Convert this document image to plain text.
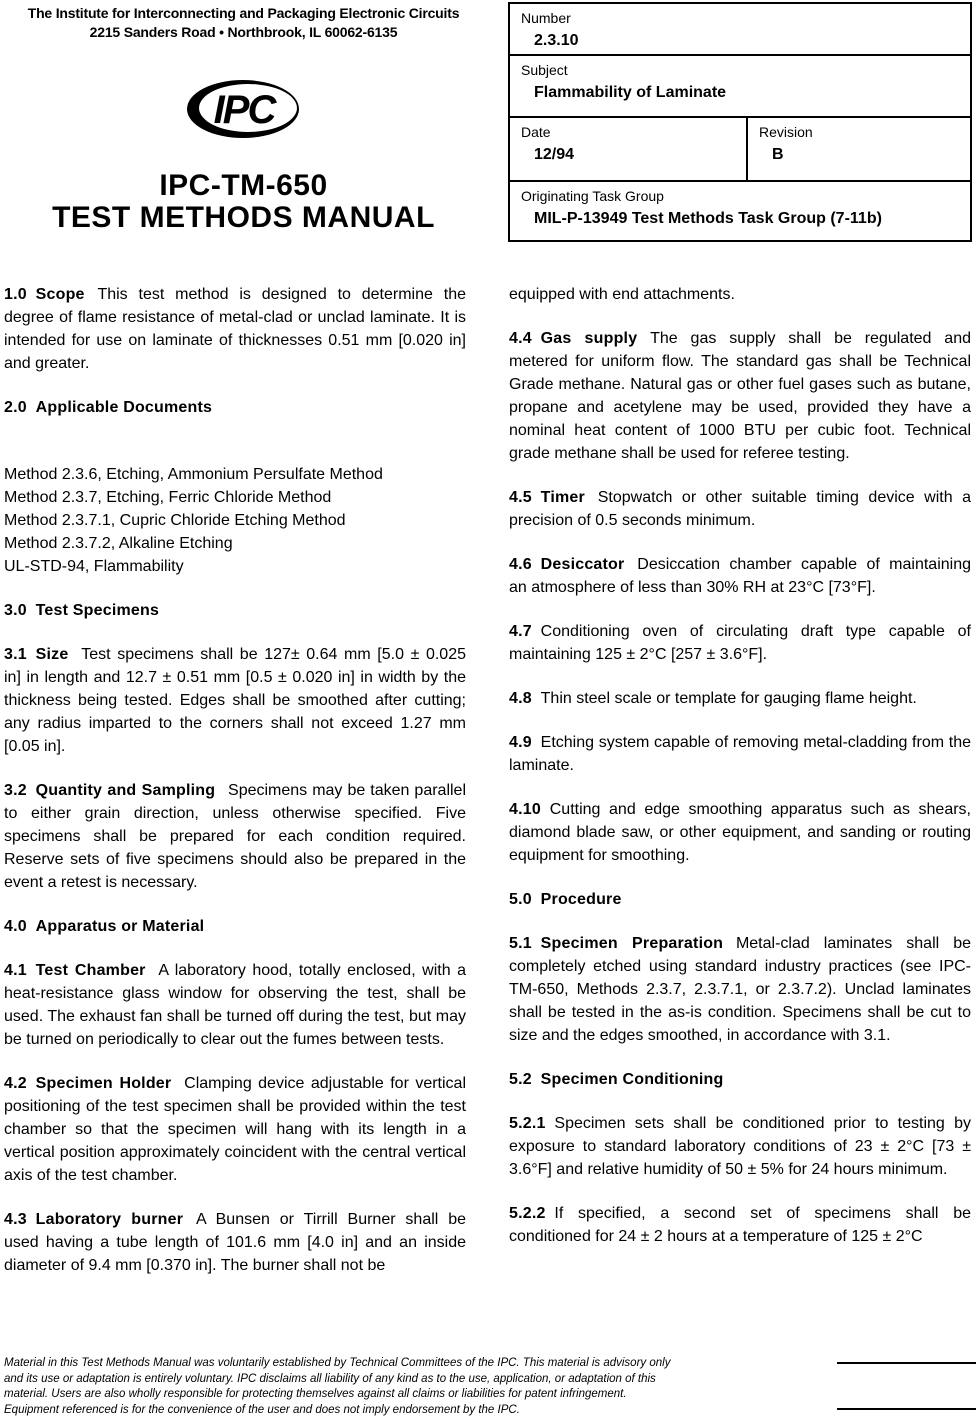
The Institute for Interconnecting and Packaging Electronic Circuits
2215 Sanders Road • Northbrook, IL 60062-6135
IPC
IPC-TM-650
TEST METHODS MANUAL
Number
2.3.10
Subject
Flammability of Laminate
Date
12/94
Revision
B
Originating Task Group
MIL-P-13949 Test Methods Task Group (7-11b)

1.0 Scope This test method is designed to determine the degree of flame resistance of metal-clad or unclad laminate. It is intended for use on laminate of thicknesses 0.51 mm [0.020 in] and greater.

2.0 Applicable Documents

Method 2.3.6, Etching, Ammonium Persulfate Method
Method 2.3.7, Etching, Ferric Chloride Method
Method 2.3.7.1, Cupric Chloride Etching Method
Method 2.3.7.2, Alkaline Etching
UL-STD-94, Flammability

3.0 Test Specimens

3.1 Size Test specimens shall be 127± 0.64 mm [5.0 ± 0.025 in] in length and 12.7 ± 0.51 mm [0.5 ± 0.020 in] in width by the thickness being tested. Edges shall be smoothed after cutting; any radius imparted to the corners shall not exceed 1.27 mm [0.05 in].

3.2 Quantity and Sampling Specimens may be taken parallel to either grain direction, unless otherwise specified. Five specimens shall be prepared for each condition required. Reserve sets of five specimens should also be prepared in the event a retest is necessary.

4.0 Apparatus or Material

4.1 Test Chamber A laboratory hood, totally enclosed, with a heat-resistance glass window for observing the test, shall be used. The exhaust fan shall be turned off during the test, but may be turned on periodically to clear out the fumes between tests.

4.2 Specimen Holder Clamping device adjustable for vertical positioning of the test specimen shall be provided within the test chamber so that the specimen will hang with its length in a vertical position approximately coincident with the central vertical axis of the test chamber.

4.3 Laboratory burner A Bunsen or Tirrill Burner shall be used having a tube length of 101.6 mm [4.0 in] and an inside diameter of 9.4 mm [0.370 in]. The burner shall not be

equipped with end attachments.

4.4 Gas supply The gas supply shall be regulated and metered for uniform flow. The standard gas shall be Technical Grade methane. Natural gas or other fuel gases such as butane, propane and acetylene may be used, provided they have a nominal heat content of 1000 BTU per cubic foot. Technical grade methane shall be used for referee testing.

4.5 Timer Stopwatch or other suitable timing device with a precision of 0.5 seconds minimum.

4.6 Desiccator Desiccation chamber capable of maintaining an atmosphere of less than 30% RH at 23°C [73°F].

4.7 Conditioning oven of circulating draft type capable of maintaining 125 ± 2°C [257 ± 3.6°F].

4.8 Thin steel scale or template for gauging flame height.

4.9 Etching system capable of removing metal-cladding from the laminate.

4.10 Cutting and edge smoothing apparatus such as shears, diamond blade saw, or other equipment, and sanding or routing equipment for smoothing.

5.0 Procedure

5.1 Specimen Preparation Metal-clad laminates shall be completely etched using standard industry practices (see IPC-TM-650, Methods 2.3.7, 2.3.7.1, or 2.3.7.2). Unclad laminates shall be tested in the as-is condition. Specimens shall be cut to size and the edges smoothed, in accordance with 3.1.

5.2 Specimen Conditioning

5.2.1 Specimen sets shall be conditioned prior to testing by exposure to standard laboratory conditions of 23 ± 2°C [73 ± 3.6°F] and relative humidity of 50 ± 5% for 24 hours minimum.

5.2.2 If specified, a second set of specimens shall be conditioned for 24 ± 2 hours at a temperature of 125 ± 2°C

Material in this Test Methods Manual was voluntarily established by Technical Committees of the IPC. This material is advisory only
and its use or adaptation is entirely voluntary. IPC disclaims all liability of any kind as to the use, application, or adaptation of this
material. Users are also wholly responsible for protecting themselves against all claims or liabilities for patent infringement.
Equipment referenced is for the convenience of the user and does not imply endorsement by the IPC.
